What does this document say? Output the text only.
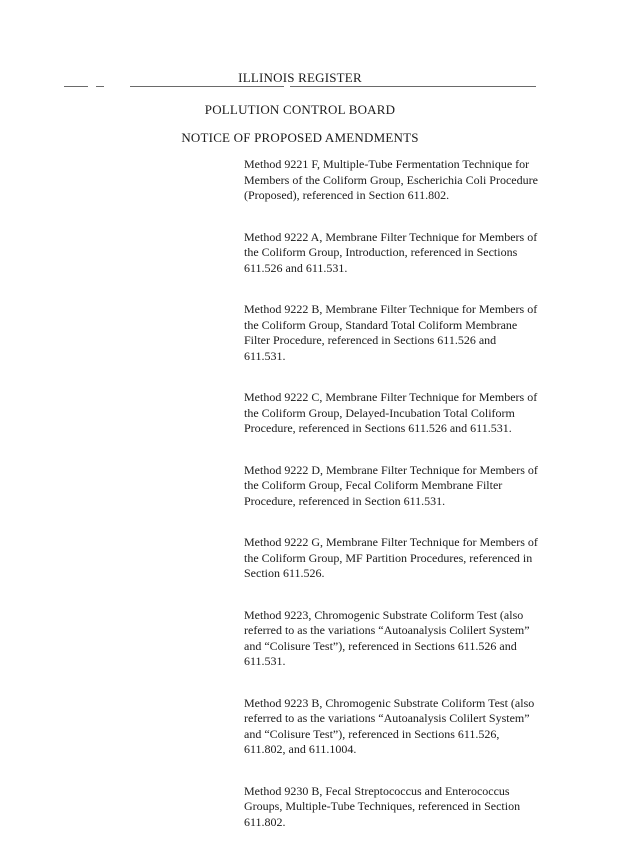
ILLINOIS REGISTER
POLLUTION CONTROL BOARD
NOTICE OF PROPOSED AMENDMENTS

Method 9221 F, Multiple-Tube Fermentation Technique for Members of the Coliform Group, Escherichia Coli Procedure (Proposed), referenced in Section 611.802.

Method 9222 A, Membrane Filter Technique for Members of the Coliform Group, Introduction, referenced in Sections 611.526 and 611.531.

Method 9222 B, Membrane Filter Technique for Members of the Coliform Group, Standard Total Coliform Membrane Filter Procedure, referenced in Sections 611.526 and 611.531.

Method 9222 C, Membrane Filter Technique for Members of the Coliform Group, Delayed-Incubation Total Coliform Procedure, referenced in Sections 611.526 and 611.531.

Method 9222 D, Membrane Filter Technique for Members of the Coliform Group, Fecal Coliform Membrane Filter Procedure, referenced in Section 611.531.

Method 9222 G, Membrane Filter Technique for Members of the Coliform Group, MF Partition Procedures, referenced in Section 611.526.

Method 9223, Chromogenic Substrate Coliform Test (also referred to as the variations “Autoanalysis Colilert System” and “Colisure Test”), referenced in Sections 611.526 and 611.531.

Method 9223 B, Chromogenic Substrate Coliform Test (also referred to as the variations “Autoanalysis Colilert System” and “Colisure Test”), referenced in Sections 611.526, 611.802, and 611.1004.

Method 9230 B, Fecal Streptococcus and Enterococcus Groups, Multiple-Tube Techniques, referenced in Section 611.802.
